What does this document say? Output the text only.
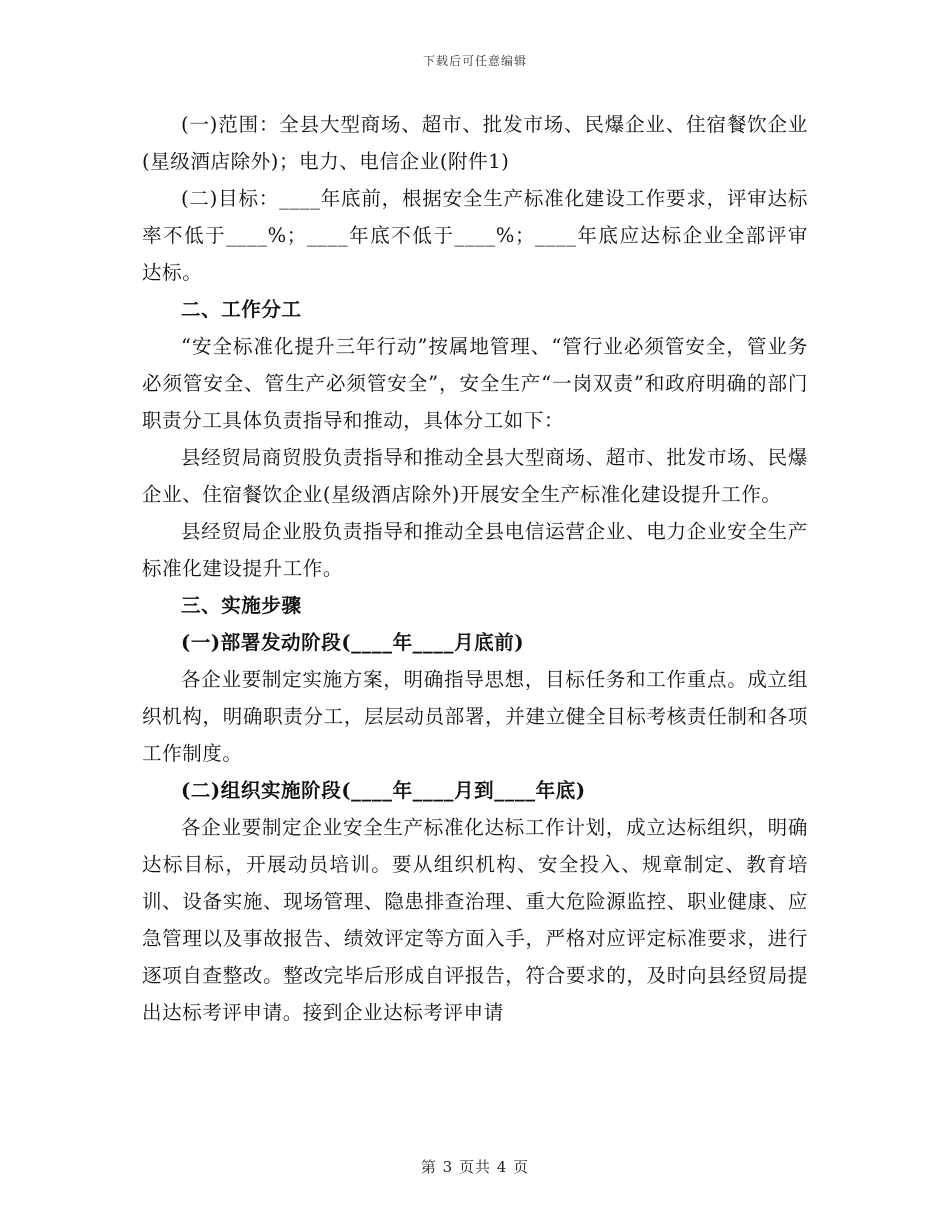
下载后可任意编辑

(一)范围：全县大型商场、超市、批发市场、民爆企业、住宿餐饮企业(星级酒店除外)；电力、电信企业(附件1)

(二)目标：____年底前，根据安全生产标准化建设工作要求，评审达标率不低于____%；____年底不低于____%；____年底应达标企业全部评审达标。

二、工作分工

“安全标准化提升三年行动”按属地管理、“管行业必须管安全，管业务必须管安全、管生产必须管安全”，安全生产“一岗双责”和政府明确的部门职责分工具体负责指导和推动，具体分工如下：

县经贸局商贸股负责指导和推动全县大型商场、超市、批发市场、民爆企业、住宿餐饮企业(星级酒店除外)开展安全生产标准化建设提升工作。

县经贸局企业股负责指导和推动全县电信运营企业、电力企业安全生产标准化建设提升工作。

三、实施步骤

(一)部署发动阶段(____年____月底前)

各企业要制定实施方案，明确指导思想，目标任务和工作重点。成立组织机构，明确职责分工，层层动员部署，并建立健全目标考核责任制和各项工作制度。

(二)组织实施阶段(____年____月到____年底)

各企业要制定企业安全生产标准化达标工作计划，成立达标组织，明确达标目标，开展动员培训。要从组织机构、安全投入、规章制定、教育培训、设备实施、现场管理、隐患排查治理、重大危险源监控、职业健康、应急管理以及事故报告、绩效评定等方面入手，严格对应评定标准要求，进行逐项自查整改。整改完毕后形成自评报告，符合要求的，及时向县经贸局提出达标考评申请。接到企业达标考评申请

第 3 页共 4 页
